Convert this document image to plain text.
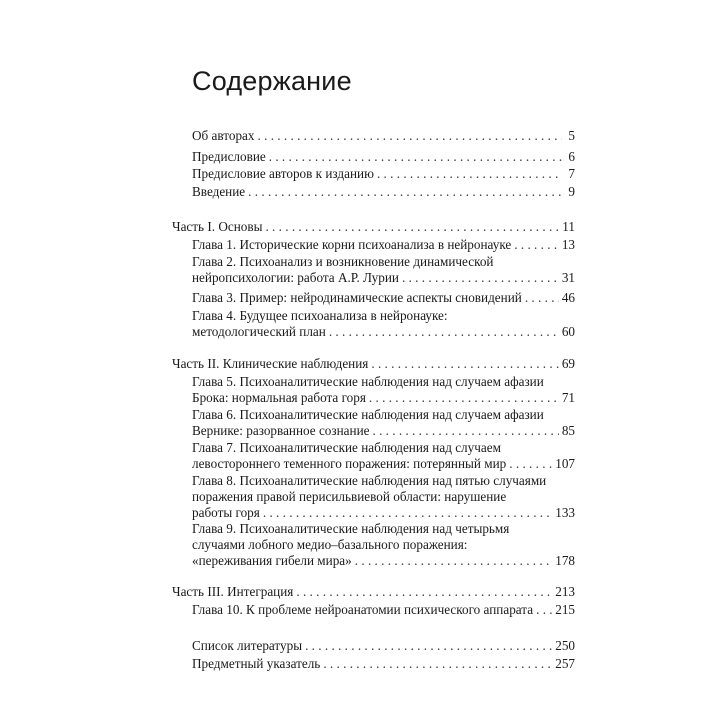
Содержание
Об авторах . . .	5
Предисловие . . .	6
Предисловие авторов к изданию . . .	7
Введение . . .	9
Часть I. Основы . . .	11
Глава 1. Исторические корни психоанализа в нейронауке . . .	13
Глава 2. Психоанализ и возникновение динамической
нейропсихологии: работа А.Р. Лурии . . .	31
Глава 3. Пример: нейродинамические аспекты сновидений . . .	46
Глава 4. Будущее психоанализа в нейронауке:
методологический план . . .	60
Часть II. Клинические наблюдения . . .	69
Глава 5. Психоаналитические наблюдения над случаем афазии
Брока: нормальная работа горя . . .	71
Глава 6. Психоаналитические наблюдения над случаем афазии
Вернике: разорванное сознание . . .	85
Глава 7. Психоаналитические наблюдения над случаем
левостороннего теменного поражения: потерянный мир . . .	107
Глава 8. Психоаналитические наблюдения над пятью случаями
поражения правой перисильвиевой области: нарушение
работы горя . . .	133
Глава 9. Психоаналитические наблюдения над четырьмя
случаями лобного медио–базального поражения:
«переживания гибели мира» . . .	178
Часть III. Интеграция . . .	213
Глава 10. К проблеме нейроанатомии психического аппарата . . . 215
Список литературы . . .	250
Предметный указатель . . .	257
